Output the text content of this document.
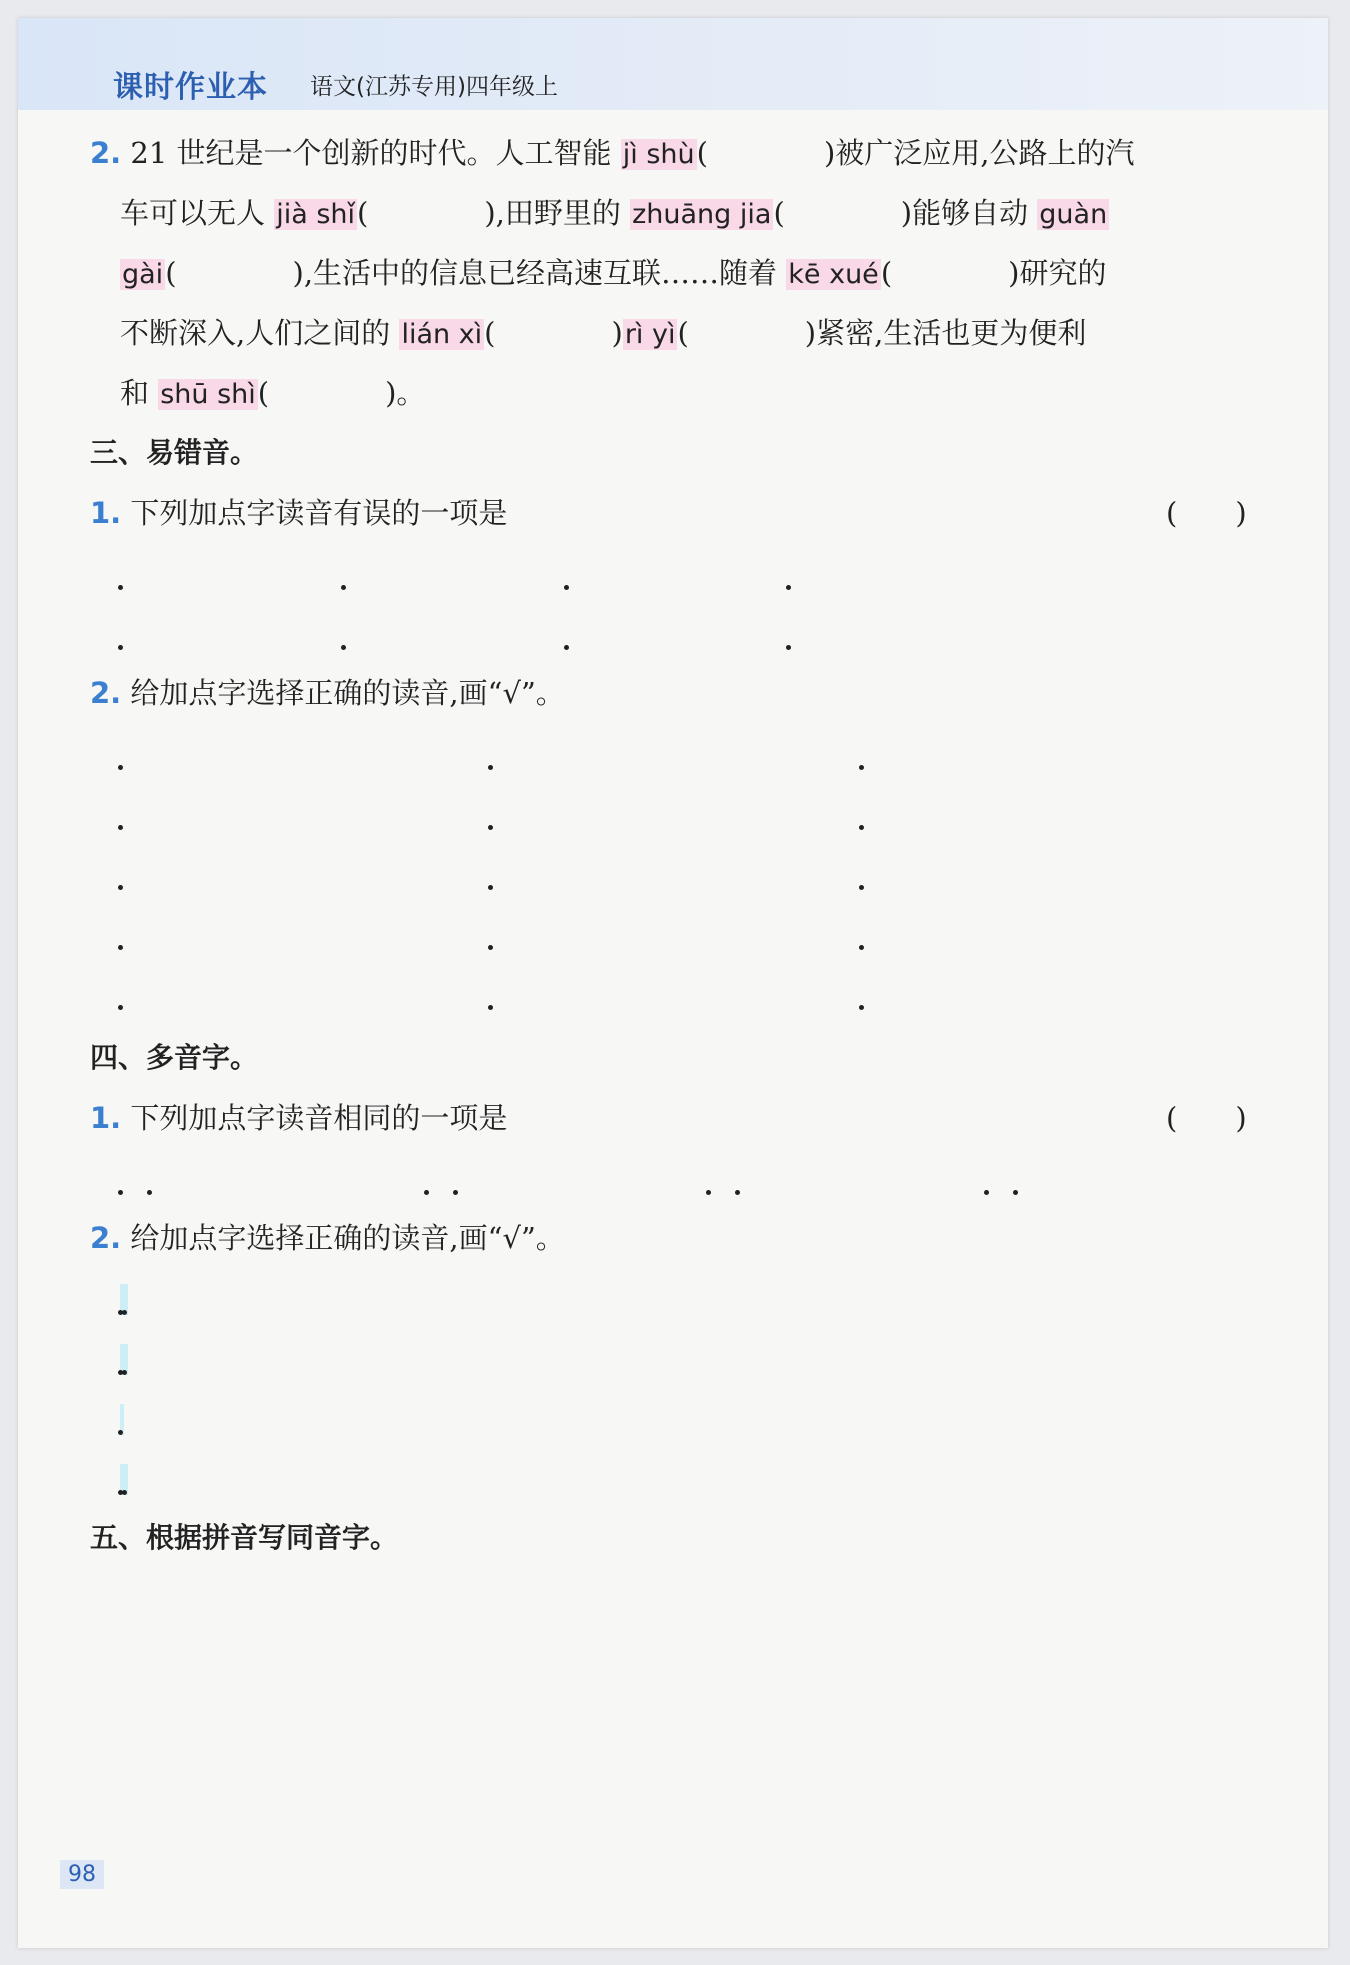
课时作业本 语文(江苏专用)四年级上
2. 21 世纪是一个创新的时代。人工智能 jì shù(　　　　)被广泛应用,公路上的汽
车可以无人 jià shǐ(　　　　),田野里的 zhuāng jia(　　　　)能够自动 guàn
gài(　　　　),生活中的信息已经高速互联……随着 kē xué(　　　　)研究的
不断深入,人们之间的 lián xì(　　　　)rì yì(　　　　)紧密,生活也更为便利
和 shū shì(　　　　)。
三、易错音。
1. 下列加点字读音有误的一项是	(　　)
2. 给加点字选择正确的读音,画“√”。
四、多音字。
1. 下列加点字读音相同的一项是	(　　)
2. 给加点字选择正确的读音,画“√”。
五、根据拼音写同音字。
98
